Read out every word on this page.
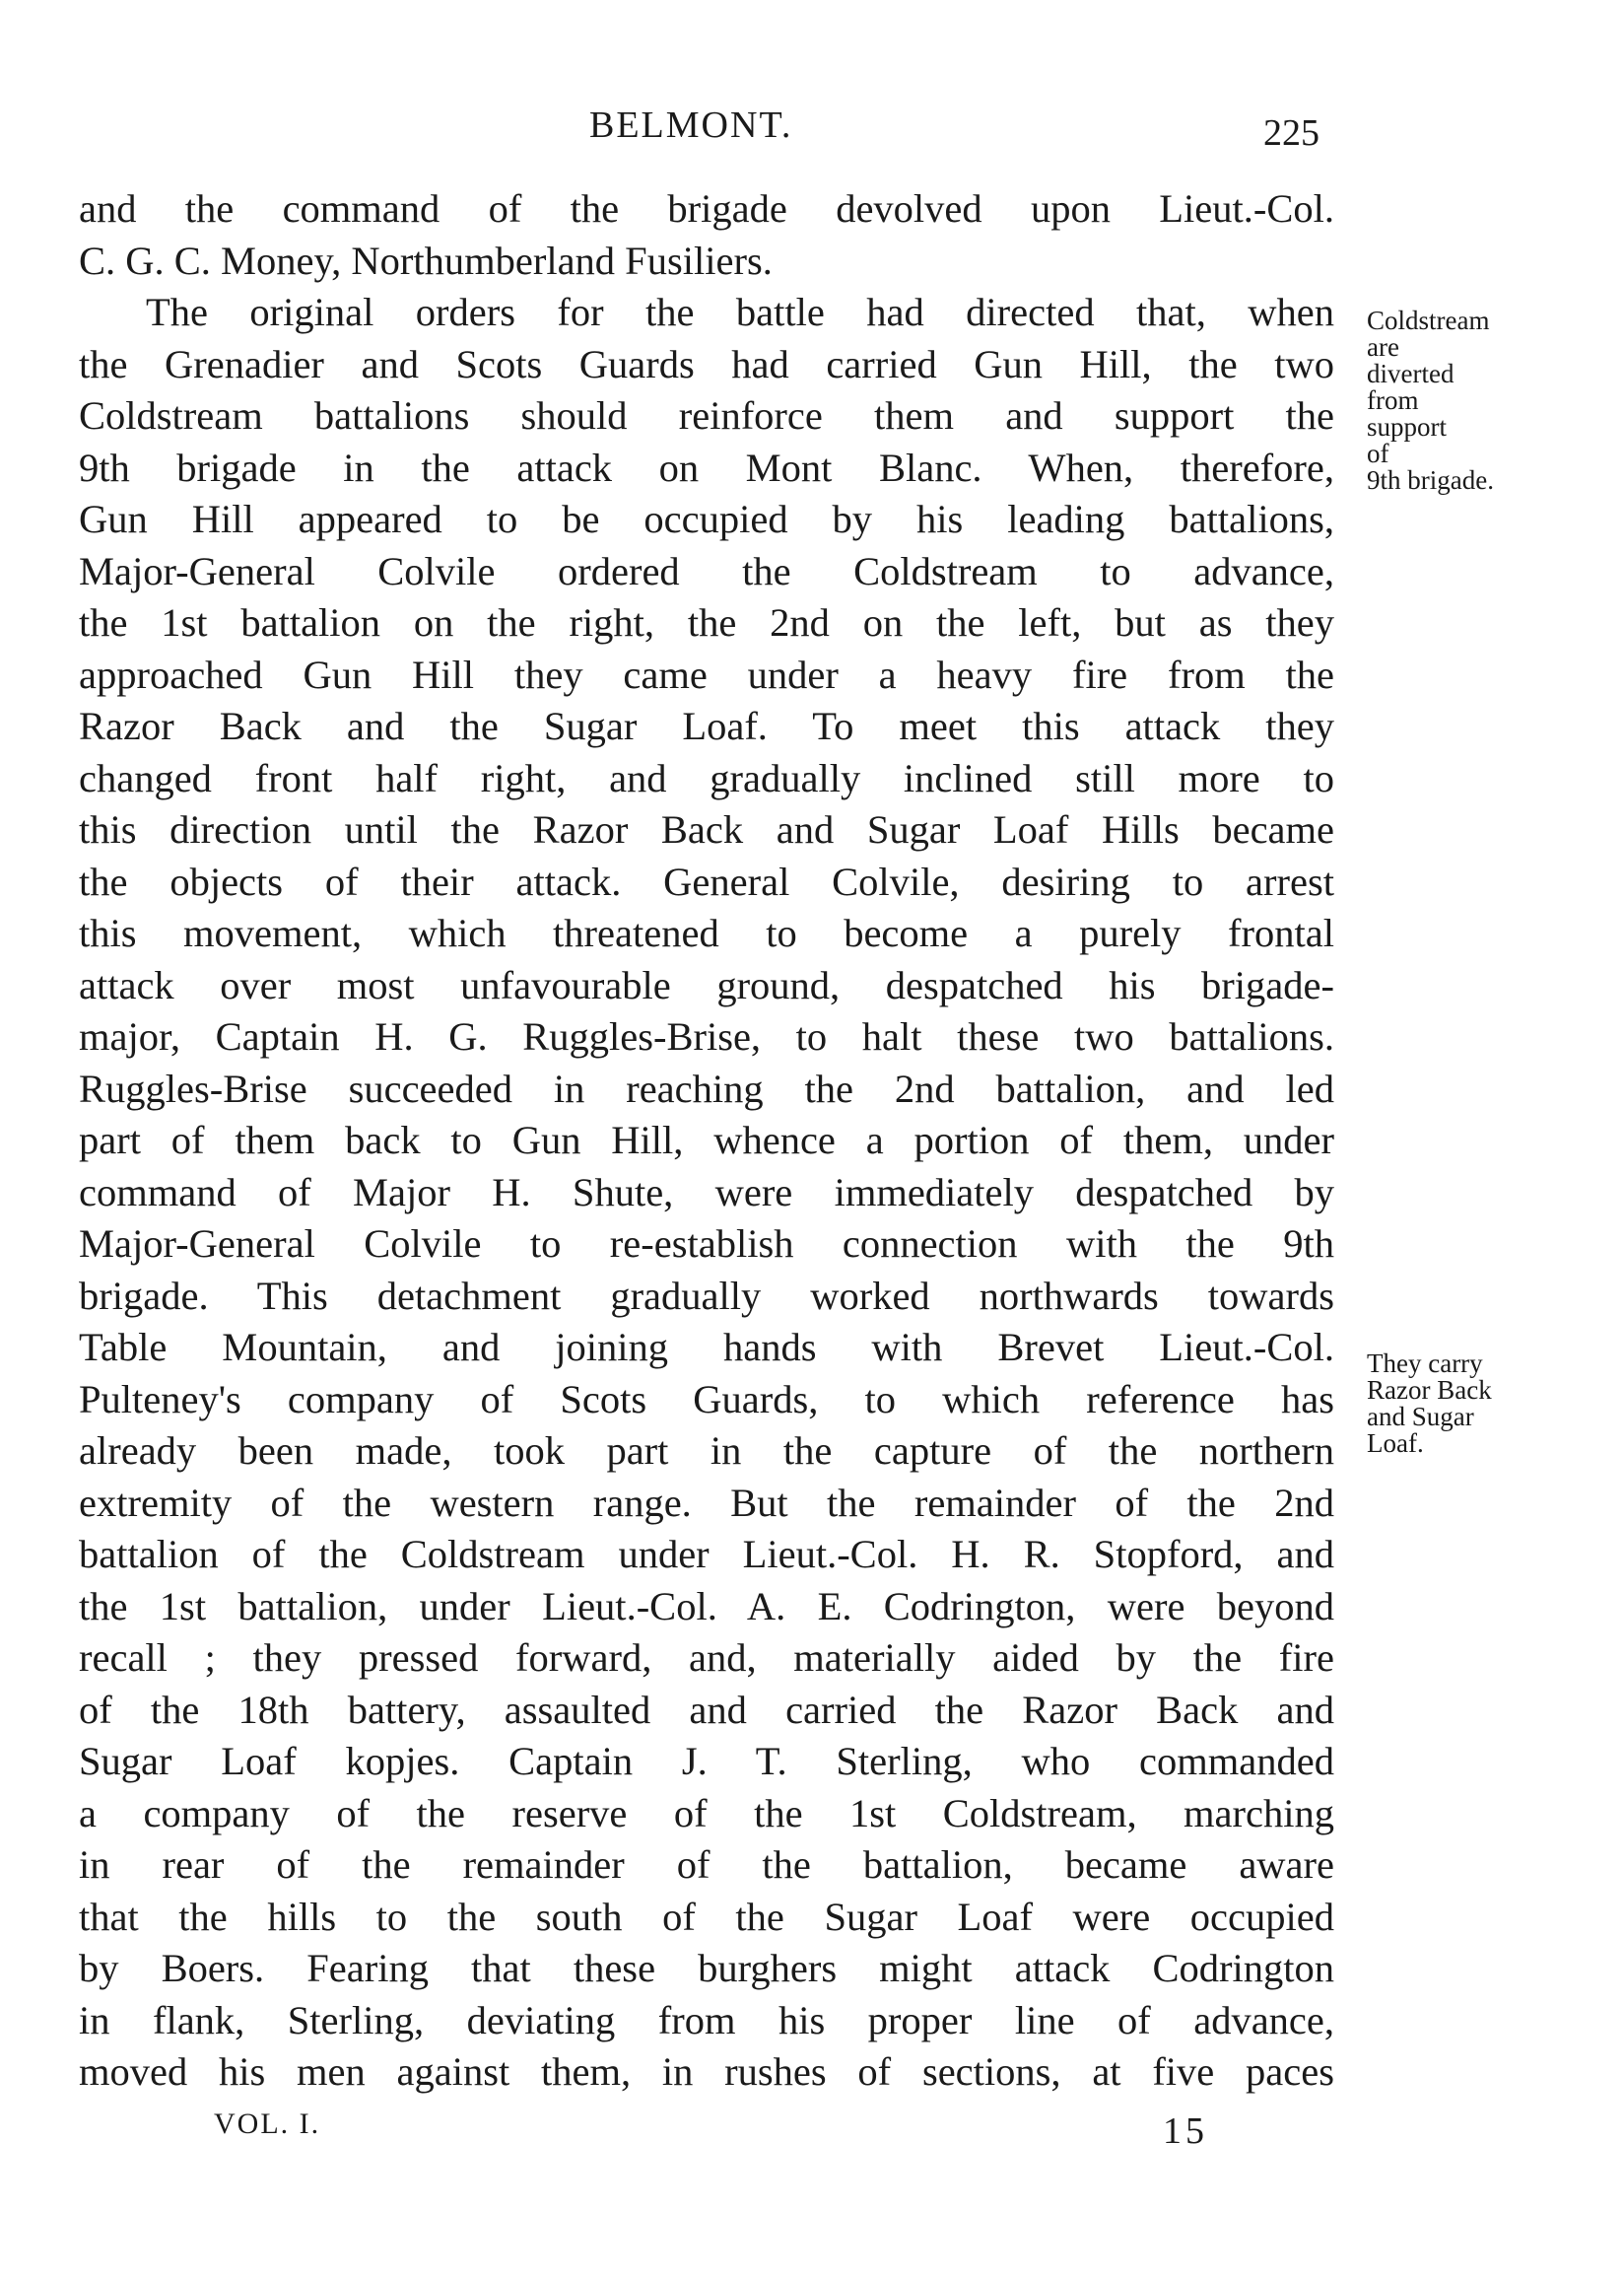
BELMONT.	225
and the command of the brigade devolved upon Lieut.-Col.
C. G. C. Money, Northumberland Fusiliers.
The original orders for the battle had directed that, when
the Grenadier and Scots Guards had carried Gun Hill, the two
Coldstream battalions should reinforce them and support the
9th brigade in the attack on Mont Blanc. When, therefore,
Gun Hill appeared to be occupied by his leading battalions,
Major-General Colvile ordered the Coldstream to advance,
the 1st battalion on the right, the 2nd on the left, but as they
approached Gun Hill they came under a heavy fire from the
Razor Back and the Sugar Loaf. To meet this attack they
changed front half right, and gradually inclined still more to
this direction until the Razor Back and Sugar Loaf Hills became
the objects of their attack. General Colvile, desiring to arrest
this movement, which threatened to become a purely frontal
attack over most unfavourable ground, despatched his brigade-
major, Captain H. G. Ruggles-Brise, to halt these two battalions.
Ruggles-Brise succeeded in reaching the 2nd battalion, and led
part of them back to Gun Hill, whence a portion of them, under
command of Major H. Shute, were immediately despatched by
Major-General Colvile to re-establish connection with the 9th
brigade. This detachment gradually worked northwards towards
Table Mountain, and joining hands with Brevet Lieut.-Col.
Pulteney's company of Scots Guards, to which reference has
already been made, took part in the capture of the northern
extremity of the western range. But the remainder of the 2nd
battalion of the Coldstream under Lieut.-Col. H. R. Stopford, and
the 1st battalion, under Lieut.-Col. A. E. Codrington, were beyond
recall ; they pressed forward, and, materially aided by the fire
of the 18th battery, assaulted and carried the Razor Back and
Sugar Loaf kopjes. Captain J. T. Sterling, who commanded
a company of the reserve of the 1st Coldstream, marching
in rear of the remainder of the battalion, became aware
that the hills to the south of the Sugar Loaf were occupied
by Boers. Fearing that these burghers might attack Codrington
in flank, Sterling, deviating from his proper line of advance,
moved his men against them, in rushes of sections, at five paces
Coldstream
are
diverted
from
support
of
9th brigade.
They carry
Razor Back
and Sugar
Loaf.
VOL. I.	15
